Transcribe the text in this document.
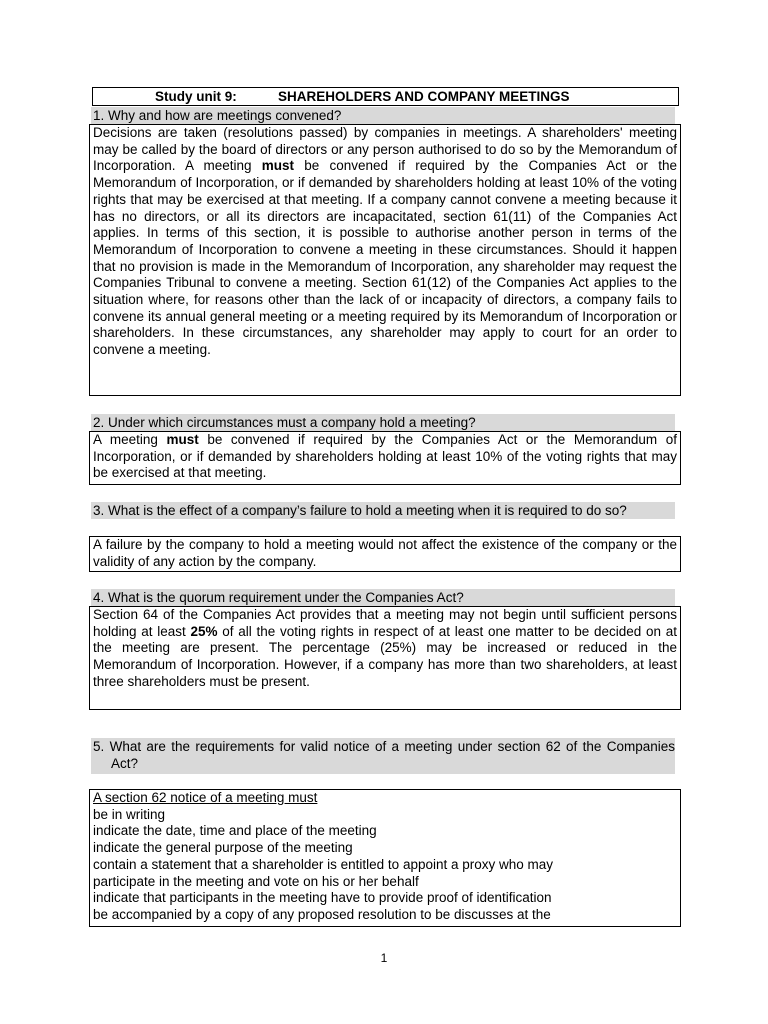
Study unit 9:	SHAREHOLDERS AND COMPANY MEETINGS
1. Why and how are meetings convened?

Decisions are taken (resolutions passed) by companies in meetings. A shareholders' meeting may be called by the board of directors or any person authorised to do so by the Memorandum of Incorporation. A meeting must be convened if required by the Companies Act or the Memorandum of Incorporation, or if demanded by shareholders holding at least 10% of the voting rights that may be exercised at that meeting. If a company cannot convene a meeting because it has no directors, or all its directors are incapacitated, section 61(11) of the Companies Act applies. In terms of this section, it is possible to authorise another person in terms of the Memorandum of Incorporation to convene a meeting in these circumstances. Should it happen that no provision is made in the Memorandum of Incorporation, any shareholder may request the Companies Tribunal to convene a meeting. Section 61(12) of the Companies Act applies to the situation where, for reasons other than the lack of or incapacity of directors, a company fails to convene its annual general meeting or a meeting required by its Memorandum of Incorporation or shareholders. In these circumstances, any shareholder may apply to court for an order to convene a meeting.

2. Under which circumstances must a company hold a meeting?

A meeting must be convened if required by the Companies Act or the Memorandum of Incorporation, or if demanded by shareholders holding at least 10% of the voting rights that may be exercised at that meeting.

3. What is the effect of a company’s failure to hold a meeting when it is required to do so?

A failure by the company to hold a meeting would not affect the existence of the company or the validity of any action by the company.

4. What is the quorum requirement under the Companies Act?

Section 64 of the Companies Act provides that a meeting may not begin until sufficient persons holding at least 25% of all the voting rights in respect of at least one matter to be decided on at the meeting are present. The percentage (25%) may be increased or reduced in the Memorandum of Incorporation. However, if a company has more than two shareholders, at least three shareholders must be present.

5. What are the requirements for valid notice of a meeting under section 62 of the Companies Act?
A section 62 notice of a meeting must
be in writing
indicate the date, time and place of the meeting
indicate the general purpose of the meeting
contain a statement that a shareholder is entitled to appoint a proxy who may
participate in the meeting and vote on his or her behalf
indicate that participants in the meeting have to provide proof of identification
be accompanied by a copy of any proposed resolution to be discusses at the
1
